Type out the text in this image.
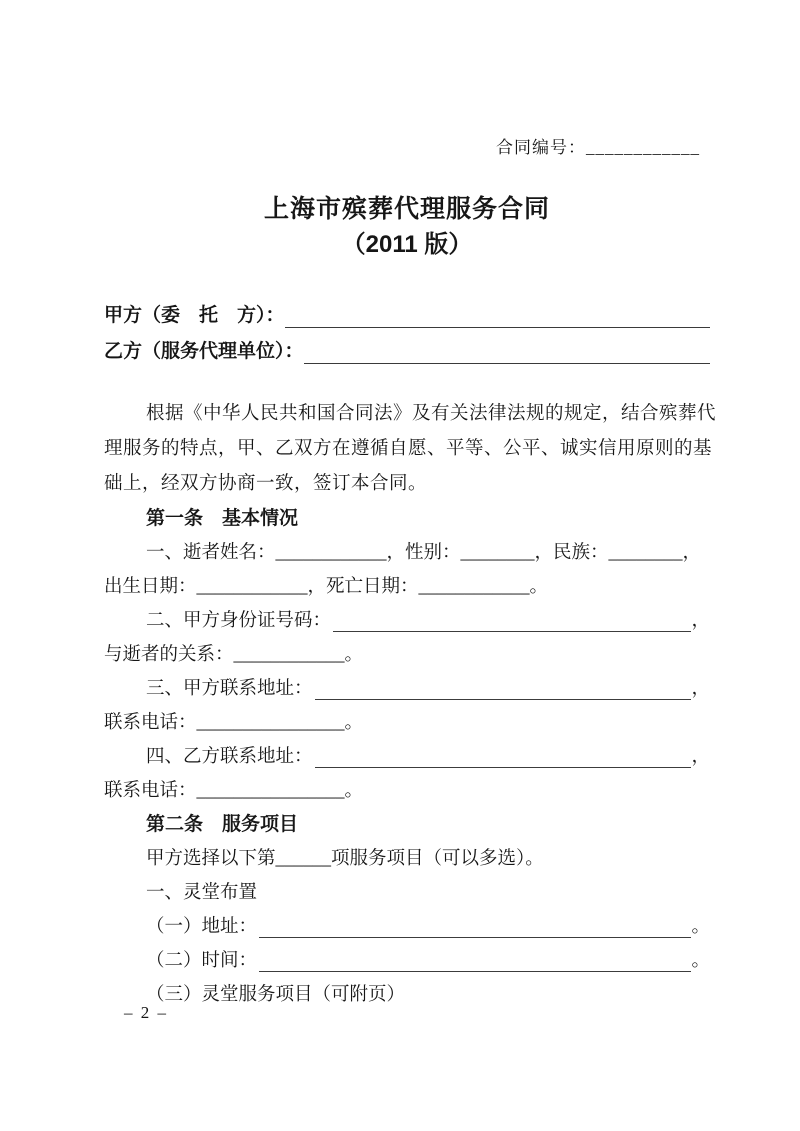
合同编号：____________
上海市殡葬代理服务合同
（2011 版）
甲方（委　托　方）：
乙方（服务代理单位）：
根据《中华人民共和国合同法》及有关法律法规的规定，结合殡葬代
理服务的特点，甲、乙双方在遵循自愿、平等、公平、诚实信用原则的基
础上，经双方协商一致，签订本合同。
第一条　基本情况
一、逝者姓名：____________，性别：________，民族：________，
出生日期：____________，死亡日期：____________。
二、甲方身份证号码：	，
与逝者的关系：____________。
三、甲方联系地址：	，
联系电话：________________。
四、乙方联系地址：	，
联系电话：________________。
第二条　服务项目
甲方选择以下第______项服务项目（可以多选）。
一、灵堂布置
（一）地址：	。
（二）时间：	。
（三）灵堂服务项目（可附页）
– 2 –
